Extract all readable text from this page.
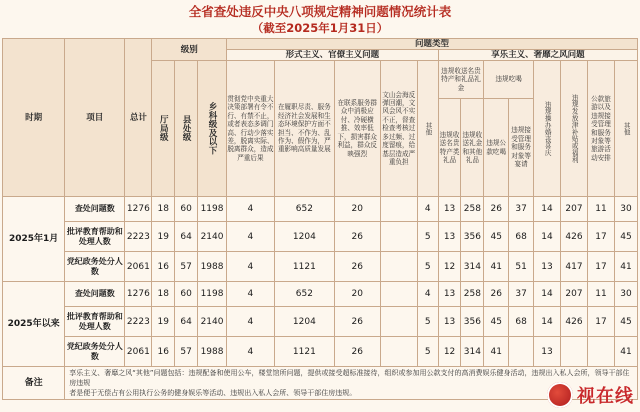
全省查处违反中央八项规定精神问题情况统计表
（截至2025年1月31日）
时期	项目	总计	级别			问题类型												
						形式主义、官僚主义问题					享乐主义、奢靡之风问题							

			厅局级	县处级	乡科级及以下	贯彻党中央重大决策部署有令不行、有禁不止，或者表态多调门高、行动少落实差，脱离实际、脱离群众，造成严重后果	在履职尽责、服务经济社会发展和生态环境保护方面不担当、不作为、乱作为、假作为，严重影响高质量发展	在联系服务群众中消极应付、冷硬横推、效率低下，损害群众利益，群众反映强烈	文山会海反弹回潮，文风会风不实不正，督查检查考核过多过频、过度留痕，给基层造成严重负担	其他	违规收送名贵特产和礼品礼金		违规吃喝		违规操办婚丧喜庆	违规发放津补贴或福利	公款旅游以及违规接受管理和服务对象等旅游活动安排	其他

											违规收送名贵特产类礼品	违规收送礼金和其他礼品	违规公款吃喝	违规接受管理和服务对象等宴请				
2025年1月	查处问题数	1276	18	60	1198	4	652	20		4	13	258	26	37	14	207	11	30
	批评教育帮助和处理人数	2223	19	64	2140	4	1204	26		5	13	356	45	68	14	426	17	45
	党纪政务处分人数	2061	16	57	1988	4	1121	26		5	12	314	41	51	13	417	17	41
2025年以来	查处问题数	1276	18	60	1198	4	652	20		4	13	258	26	37	14	207	11	30
	批评教育帮助和处理人数	2223	19	64	2140	4	1204	26		5	13	356	45	68	14	426	17	45
	党纪政务处分人数	2061	16	57	1988	4	1121	26		5	12	314	41		13			41
备注	享乐主义、奢靡之风“其他”问题包括：违规配备和使用公车，楼堂馆所问题，提供或接受超标准接待，组织或参加用公款支付的高消费娱乐健身活动，违规出入私人会所，领导干部住房违规
者是便于无偿占有公用执行公务的健身娱乐等活动、违规出入私人会所、领导干部住房违规。																		视在线
